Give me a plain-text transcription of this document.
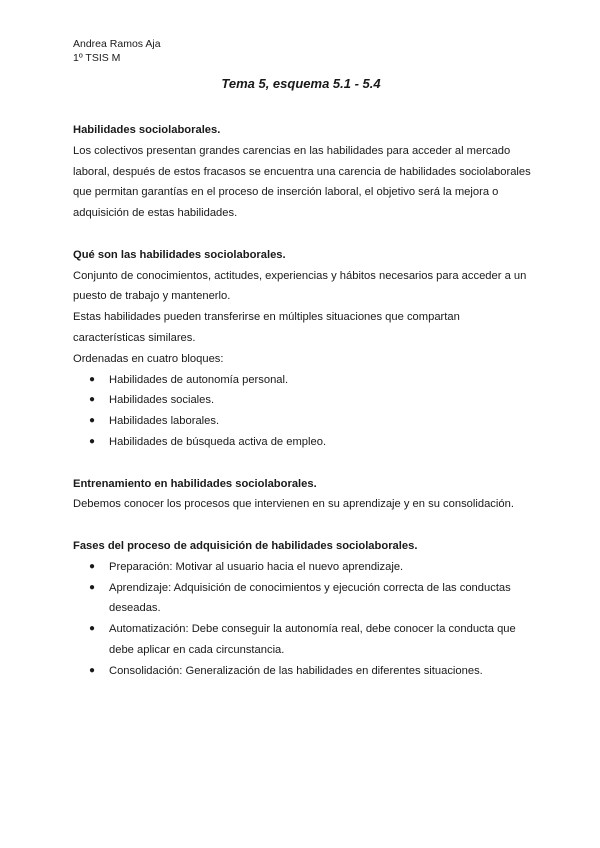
Andrea Ramos Aja
1º TSIS M
Tema 5, esquema 5.1 - 5.4

Habilidades sociolaborales.

Los colectivos presentan grandes carencias en las habilidades para acceder al mercado laboral, después de estos fracasos se encuentra una carencia de habilidades sociolaborales que permitan garantías en el proceso de inserción laboral, el objetivo será la mejora o adquisición de estas habilidades.

Qué son las habilidades sociolaborales.

Conjunto de conocimientos, actitudes, experiencias y hábitos necesarios para acceder a un puesto de trabajo y mantenerlo.

Estas habilidades pueden transferirse en múltiples situaciones que compartan características similares.

Ordenadas en cuatro bloques:

● Habilidades de autonomía personal.
● Habilidades sociales.
● Habilidades laborales.
● Habilidades de búsqueda activa de empleo.

Entrenamiento en habilidades sociolaborales.

Debemos conocer los procesos que intervienen en su aprendizaje y en su consolidación.

Fases del proceso de adquisición de habilidades sociolaborales.

● Preparación: Motivar al usuario hacia el nuevo aprendizaje.
● Aprendizaje: Adquisición de conocimientos y ejecución correcta de las conductas deseadas.
● Automatización: Debe conseguir la autonomía real, debe conocer la conducta que debe aplicar en cada circunstancia.
● Consolidación: Generalización de las habilidades en diferentes situaciones.
